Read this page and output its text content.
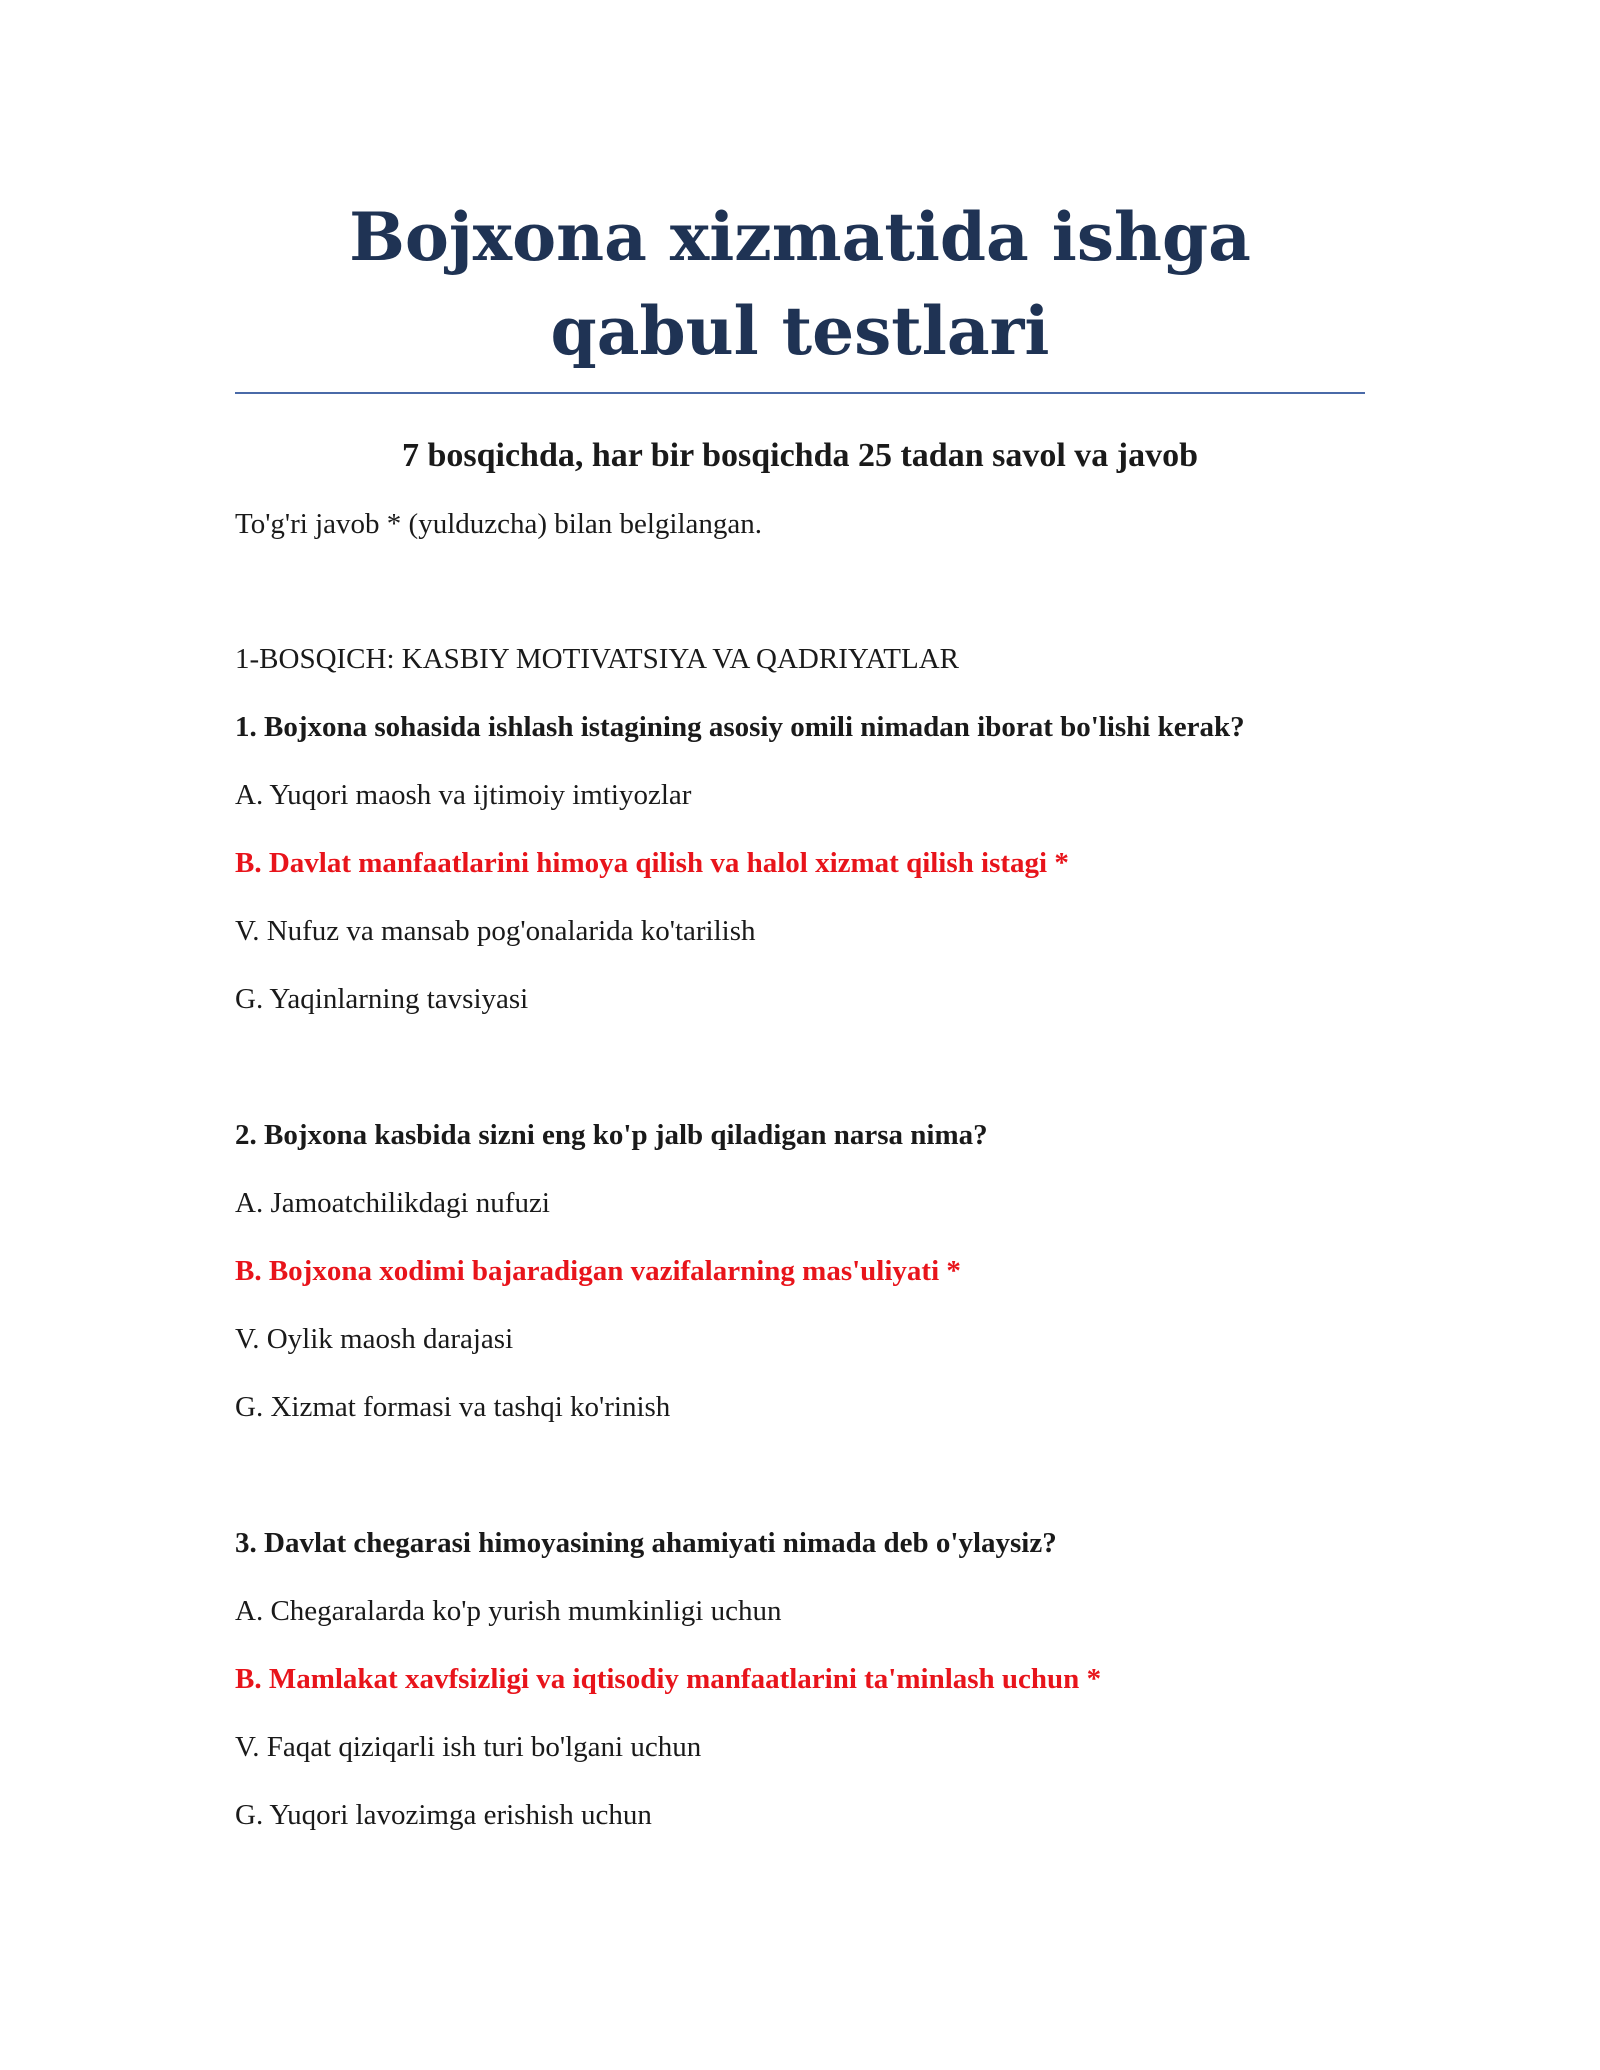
Bojxona xizmatida ishga qabul testlari
7 bosqichda, har bir bosqichda 25 tadan savol va javob
To'g'ri javob * (yulduzcha) bilan belgilangan.
1-BOSQICH: KASBIY MOTIVATSIYA VA QADRIYATLAR
1. Bojxona sohasida ishlash istagining asosiy omili nimadan iborat bo'lishi kerak?
A. Yuqori maosh va ijtimoiy imtiyozlar
B. Davlat manfaatlarini himoya qilish va halol xizmat qilish istagi *
V. Nufuz va mansab pog'onalarida ko'tarilish
G. Yaqinlarning tavsiyasi
2. Bojxona kasbida sizni eng ko'p jalb qiladigan narsa nima?
A. Jamoatchilikdagi nufuzi
B. Bojxona xodimi bajaradigan vazifalarning mas'uliyati *
V. Oylik maosh darajasi
G. Xizmat formasi va tashqi ko'rinish
3. Davlat chegarasi himoyasining ahamiyati nimada deb o'ylaysiz?
A. Chegaralarda ko'p yurish mumkinligi uchun
B. Mamlakat xavfsizligi va iqtisodiy manfaatlarini ta'minlash uchun *
V. Faqat qiziqarli ish turi bo'lgani uchun
G. Yuqori lavozimga erishish uchun
